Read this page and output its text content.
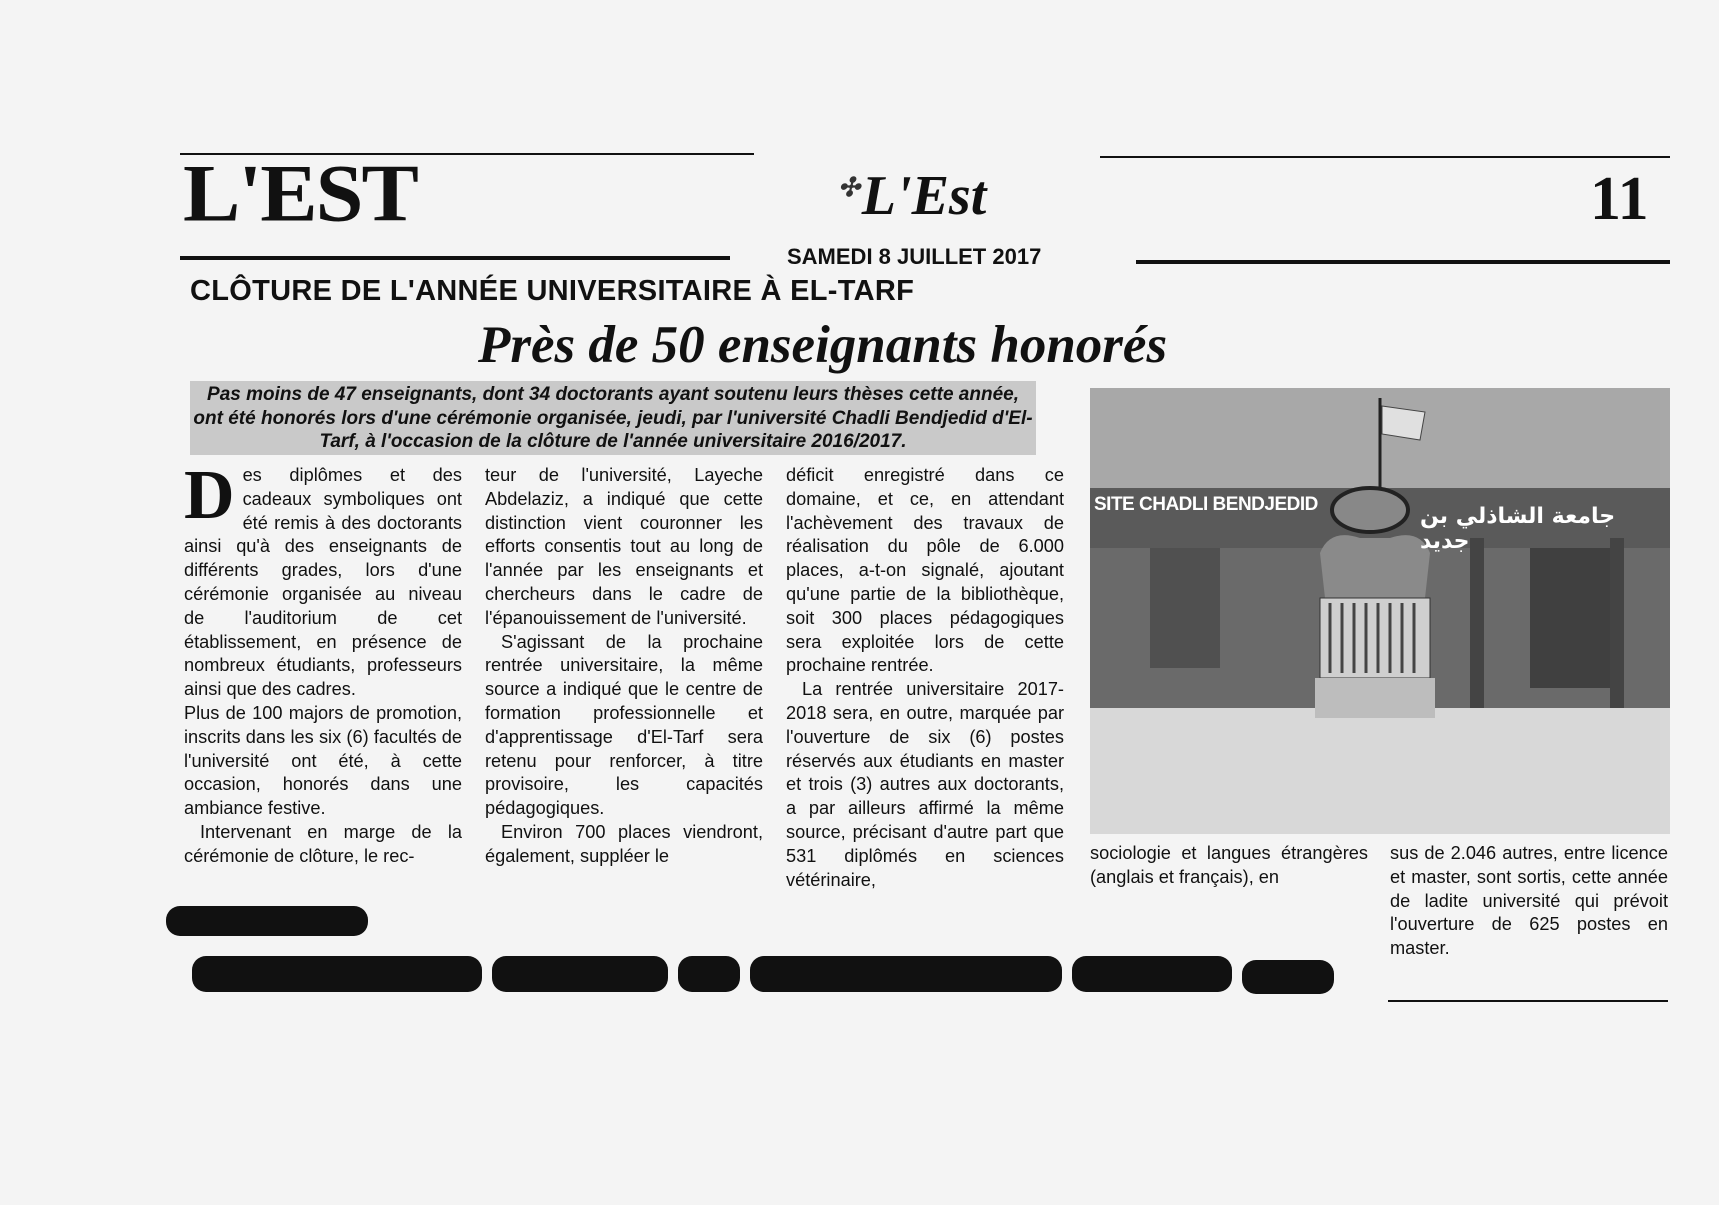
L'EST	✣L'Est	11
SAMEDI 8 JUILLET 2017
CLÔTURE DE L'ANNÉE UNIVERSITAIRE À EL-TARF
Près de 50 enseignants honorés
Pas moins de 47 enseignants, dont 34 doctorants ayant soutenu leurs thèses cette année, ont été honorés lors d'une cérémonie organisée, jeudi, par l'université Chadli Bendjedid d'El-Tarf, à l'occasion de la clôture de l'année universitaire 2016/2017.
D es diplômes et des cadeaux symboliques ont été remis à des doctorants ainsi qu'à des enseignants de différents grades, lors d'une cérémonie organisée au niveau de l'auditorium de cet établissement, en présence de nombreux étudiants, professeurs ainsi que des cadres.

Plus de 100 majors de promotion, inscrits dans les six (6) facultés de l'université ont été, à cette occasion, honorés dans une ambiance festive.

Intervenant en marge de la cérémonie de clôture, le rec-

teur de l'université, Layeche Abdelaziz, a indiqué que cette distinction vient couronner les efforts consentis tout au long de l'année par les enseignants et chercheurs dans le cadre de l'épanouissement de l'université.

S'agissant de la prochaine rentrée universitaire, la même source a indiqué que le centre de formation professionnelle et d'apprentissage d'El-Tarf sera retenu pour renforcer, à titre provisoire, les capacités pédagogiques.

Environ 700 places viendront, également, suppléer le

déficit enregistré dans ce domaine, et ce, en attendant l'achèvement des travaux de réalisation du pôle de 6.000 places, a-t-on signalé, ajoutant qu'une partie de la bibliothèque, soit 300 places pédagogiques sera exploitée lors de cette prochaine rentrée.

La rentrée universitaire 2017-2018 sera, en outre, marquée par l'ouverture de six (6) postes réservés aux étudiants en master et trois (3) autres aux doctorants, a par ailleurs affirmé la même source, précisant d'autre part que 531 diplômés en sciences vétérinaire,

SITE CHADLI BENDJEDID	جامعة الشاذلي بن جديد

sociologie et langues étrangères (anglais et français), en

sus de 2.046 autres, entre licence et master, sont sortis, cette année de ladite université qui prévoit l'ouverture de 625 postes en master.
